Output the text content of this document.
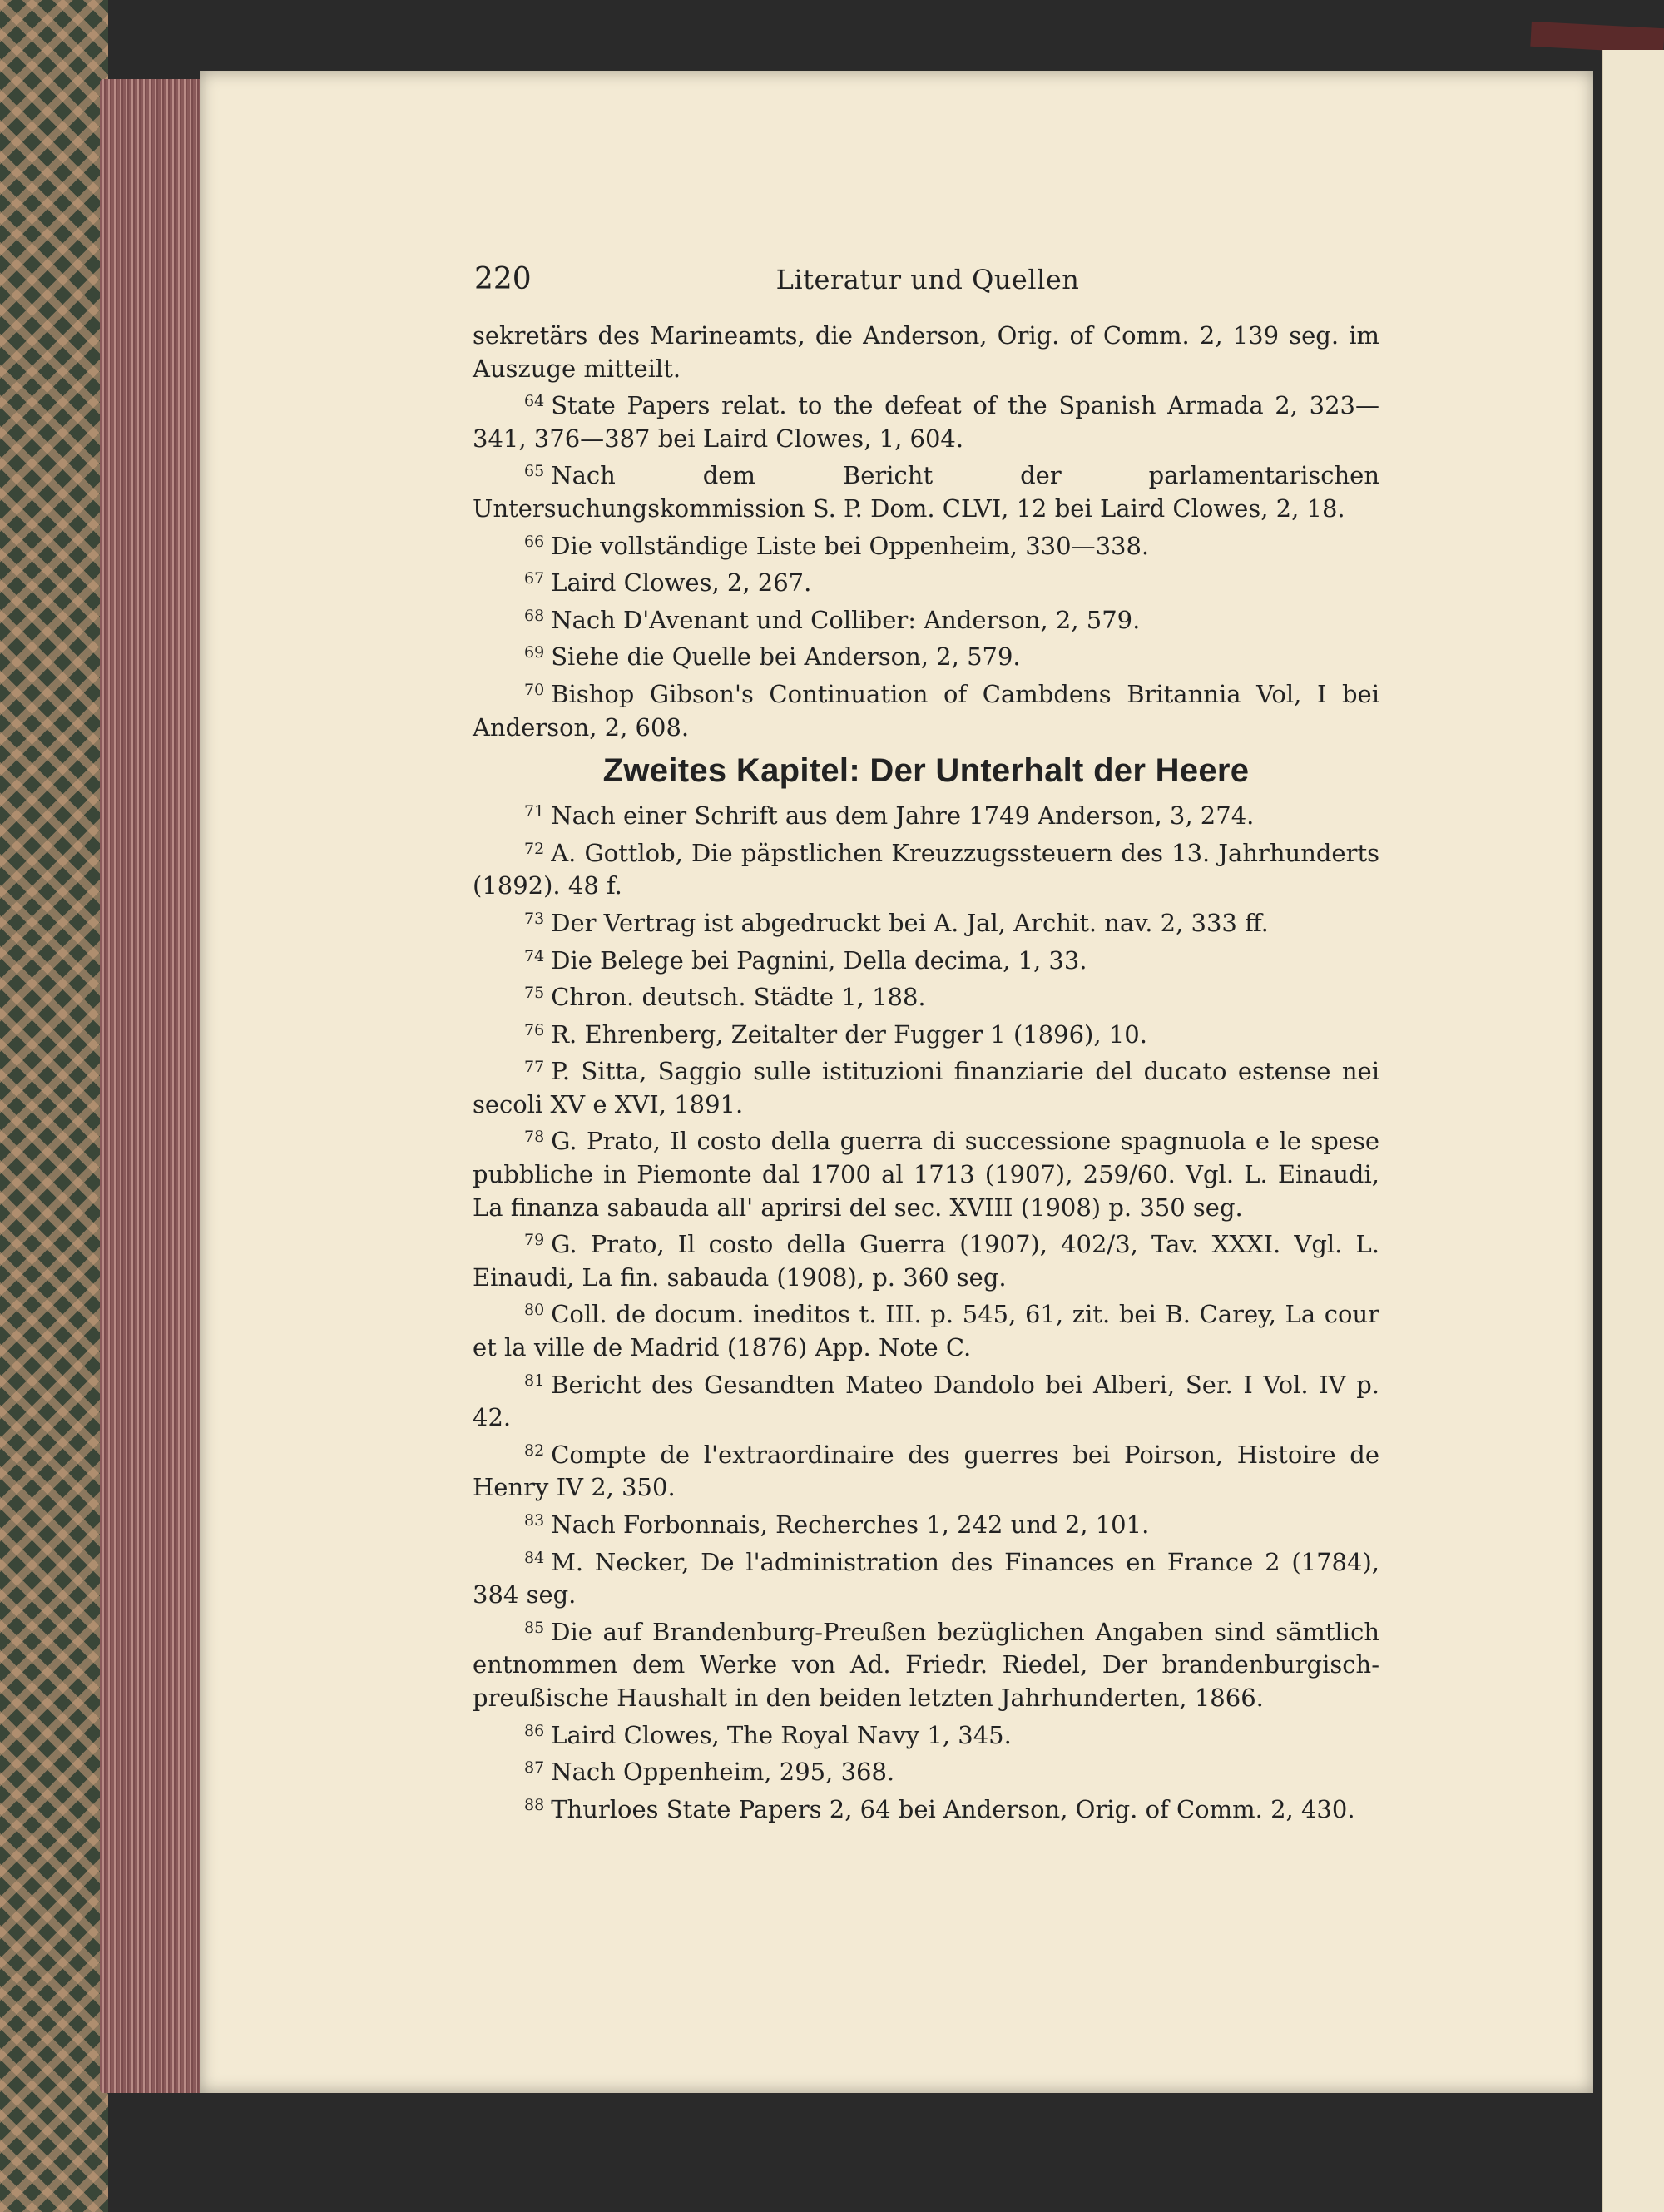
220	Literatur und Quellen

sekretärs des Marineamts, die Anderson, Orig. of Comm. 2, 139 seg. im Auszuge mitteilt.

$^{64}$ State Papers relat. to the defeat of the Spanish Armada 2, 323—341, 376—387 bei Laird Clowes, 1, 604.

$^{65}$ Nach dem Bericht der parlamentarischen Untersuchungskommission S. P. Dom. CLVI, 12 bei Laird Clowes, 2, 18.

$^{66}$ Die vollständige Liste bei Oppenheim, 330—338.

$^{67}$ Laird Clowes, 2, 267.

$^{68}$ Nach D'Avenant und Colliber: Anderson, 2, 579.

$^{69}$ Siehe die Quelle bei Anderson, 2, 579.

$^{70}$ Bishop Gibson's Continuation of Cambdens Britannia Vol, I bei Anderson, 2, 608.

Zweites Kapitel: Der Unterhalt der Heere

$^{71}$ Nach einer Schrift aus dem Jahre 1749 Anderson, 3, 274.

$^{72}$ A. Gottlob, Die päpstlichen Kreuzzugssteuern des 13. Jahrhunderts (1892). 48 f.

$^{73}$ Der Vertrag ist abgedruckt bei A. Jal, Archit. nav. 2, 333 ff.

$^{74}$ Die Belege bei Pagnini, Della decima, 1, 33.

$^{75}$ Chron. deutsch. Städte 1, 188.

$^{76}$ R. Ehrenberg, Zeitalter der Fugger 1 (1896), 10.

$^{77}$ P. Sitta, Saggio sulle istituzioni finanziarie del ducato estense nei secoli XV e XVI, 1891.

$^{78}$ G. Prato, Il costo della guerra di successione spagnuola e le spese pubbliche in Piemonte dal 1700 al 1713 (1907), 259/60. Vgl. L. Einaudi, La finanza sabauda all' aprirsi del sec. XVIII (1908) p. 350 seg.

$^{79}$ G. Prato, Il costo della Guerra (1907), 402/3, Tav. XXXI. Vgl. L. Einaudi, La fin. sabauda (1908), p. 360 seg.

$^{80}$ Coll. de docum. ineditos t. III. p. 545, 61, zit. bei B. Carey, La cour et la ville de Madrid (1876) App. Note C.

$^{81}$ Bericht des Gesandten Mateo Dandolo bei Alberi, Ser. I Vol. IV p. 42.

$^{82}$ Compte de l'extraordinaire des guerres bei Poirson, Histoire de Henry IV 2, 350.

$^{83}$ Nach Forbonnais, Recherches 1, 242 und 2, 101.

$^{84}$ M. Necker, De l'administration des Finances en France 2 (1784), 384 seg.

$^{85}$ Die auf Brandenburg-Preußen bezüglichen Angaben sind sämtlich entnommen dem Werke von Ad. Friedr. Riedel, Der brandenburgisch-preußische Haushalt in den beiden letzten Jahrhunderten, 1866.

$^{86}$ Laird Clowes, The Royal Navy 1, 345.

$^{87}$ Nach Oppenheim, 295, 368.

$^{88}$ Thurloes State Papers 2, 64 bei Anderson, Orig. of Comm. 2, 430.
